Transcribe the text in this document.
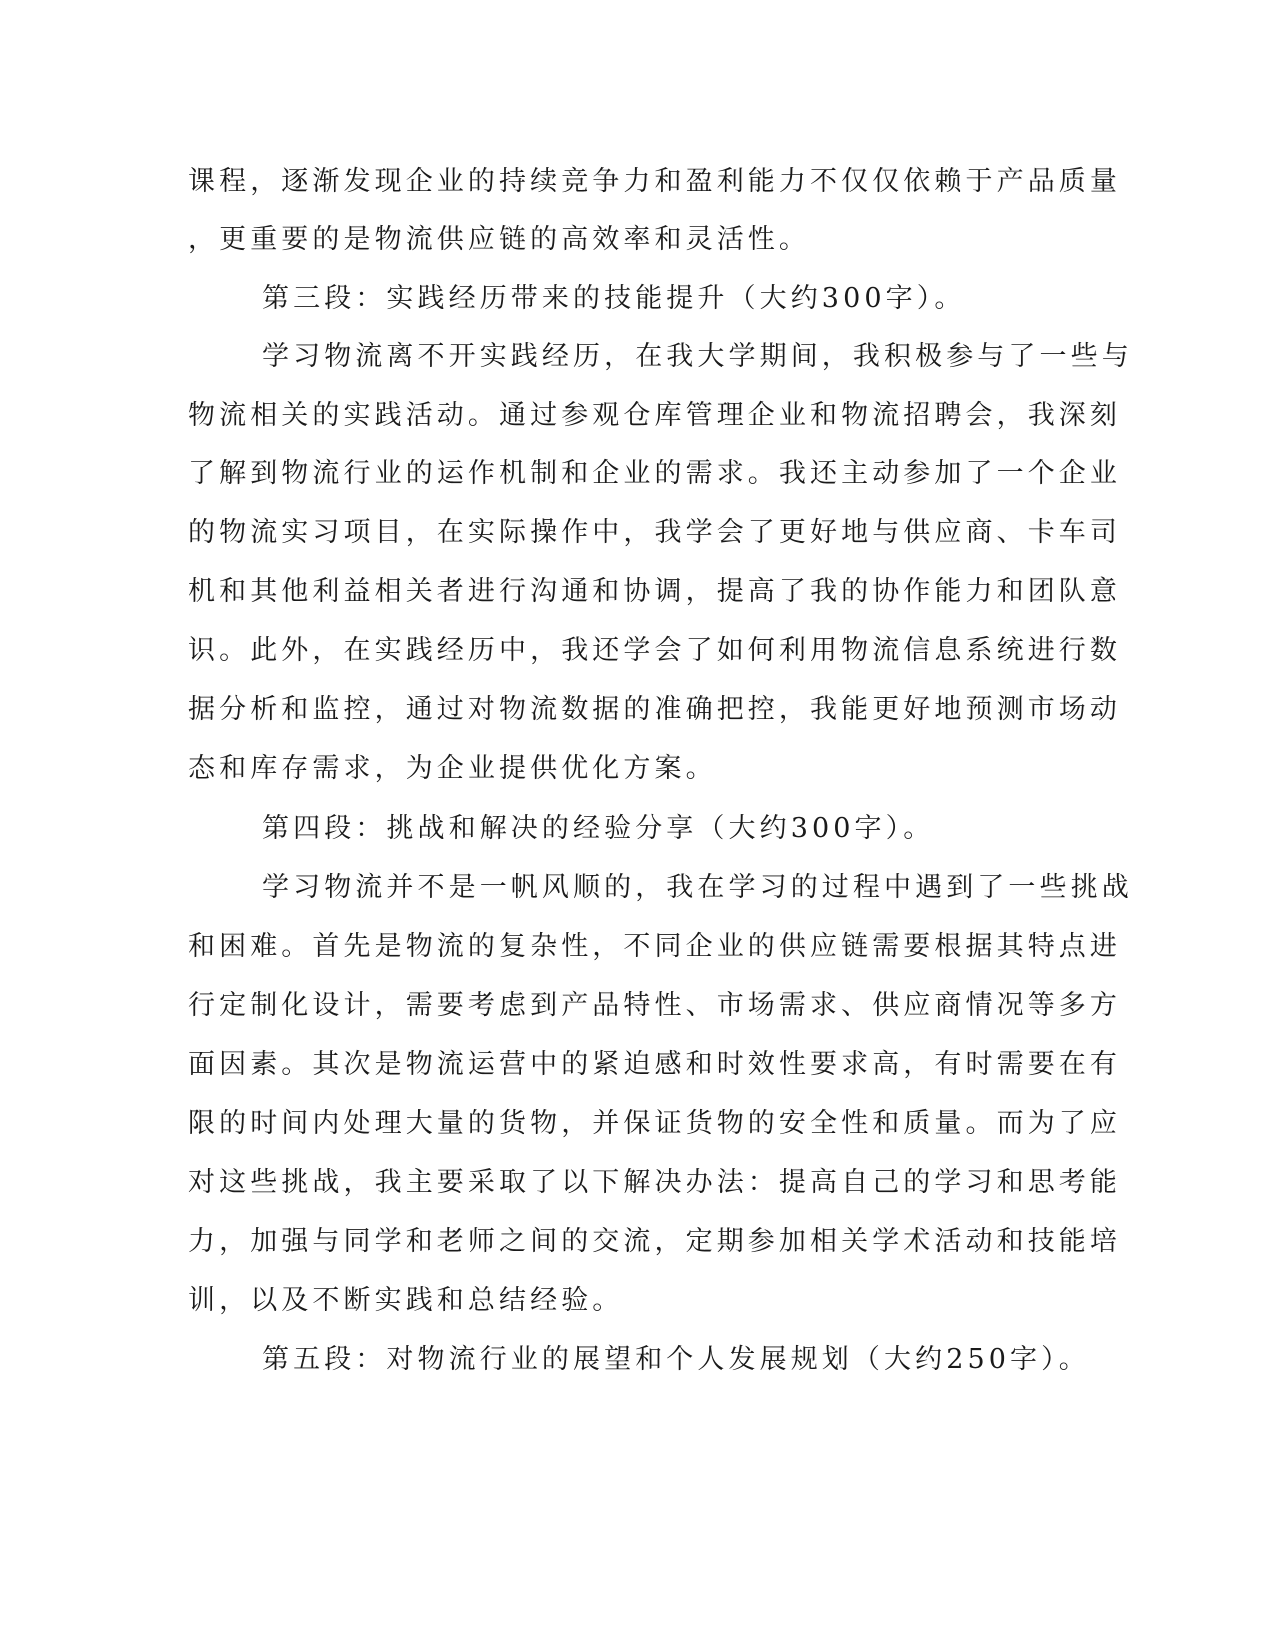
课程，逐渐发现企业的持续竞争力和盈利能力不仅仅依赖于产品质量
，更重要的是物流供应链的高效率和灵活性。
第三段：实践经历带来的技能提升（大约300字）。
学习物流离不开实践经历，在我大学期间，我积极参与了一些与
物流相关的实践活动。通过参观仓库管理企业和物流招聘会，我深刻
了解到物流行业的运作机制和企业的需求。我还主动参加了一个企业
的物流实习项目，在实际操作中，我学会了更好地与供应商、卡车司
机和其他利益相关者进行沟通和协调，提高了我的协作能力和团队意
识。此外，在实践经历中，我还学会了如何利用物流信息系统进行数
据分析和监控，通过对物流数据的准确把控，我能更好地预测市场动
态和库存需求，为企业提供优化方案。
第四段：挑战和解决的经验分享（大约300字）。
学习物流并不是一帆风顺的，我在学习的过程中遇到了一些挑战
和困难。首先是物流的复杂性，不同企业的供应链需要根据其特点进
行定制化设计，需要考虑到产品特性、市场需求、供应商情况等多方
面因素。其次是物流运营中的紧迫感和时效性要求高，有时需要在有
限的时间内处理大量的货物，并保证货物的安全性和质量。而为了应
对这些挑战，我主要采取了以下解决办法：提高自己的学习和思考能
力，加强与同学和老师之间的交流，定期参加相关学术活动和技能培
训，以及不断实践和总结经验。
第五段：对物流行业的展望和个人发展规划（大约250字）。
